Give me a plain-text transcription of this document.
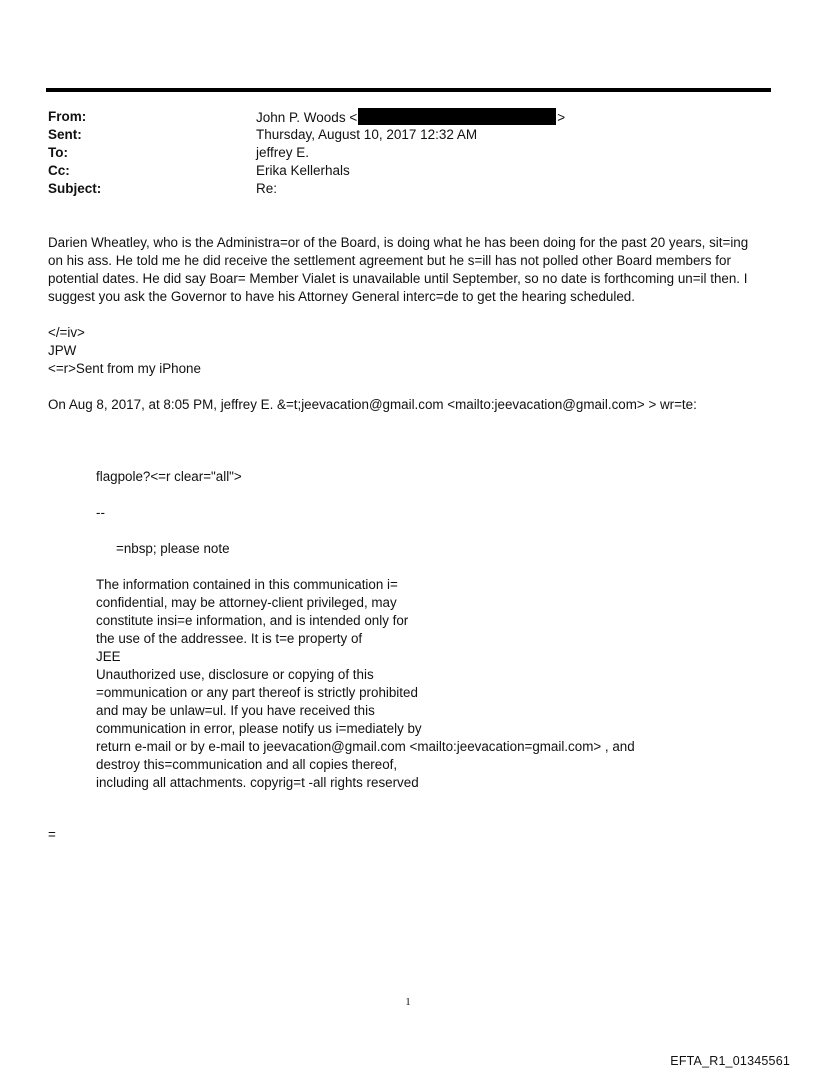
From:	John P. Woods <	>
Sent:	Thursday, August 10, 2017 12:32 AM
To:	jeffrey E.
Cc:	Erika Kellerhals
Subject:	Re:
Darien Wheatley, who is the Administra=or of the Board, is doing what he has been doing for the past 20 years, sit=ing
on his ass. He told me he did receive the settlement agreement but he s=ill has not polled other Board members for
potential dates. He did say Boar= Member Vialet is unavailable until September, so no date is forthcoming un=il then. I
suggest you ask the Governor to have his Attorney General interc=de to get the hearing scheduled.
</=iv>
JPW
<=r>Sent from my iPhone
On Aug 8, 2017, at 8:05 PM, jeffrey E. &=t;jeevacation@gmail.com <mailto:jeevacation@gmail.com> > wr=te:
flagpole?<=r clear="all">
--
=nbsp; please note
The information contained in this communication i=
confidential, may be attorney-client privileged, may
constitute insi=e information, and is intended only for
the use of the addressee. It is t=e property of
JEE
Unauthorized use, disclosure or copying of this
=ommunication or any part thereof is strictly prohibited
and may be unlaw=ul. If you have received this
communication in error, please notify us i=mediately by
return e-mail or by e-mail to jeevacation@gmail.com <mailto:jeevacation=gmail.com> , and
destroy this=communication and all copies thereof,
including all attachments. copyrig=t -all rights reserved
=
1
EFTA_R1_01345561
